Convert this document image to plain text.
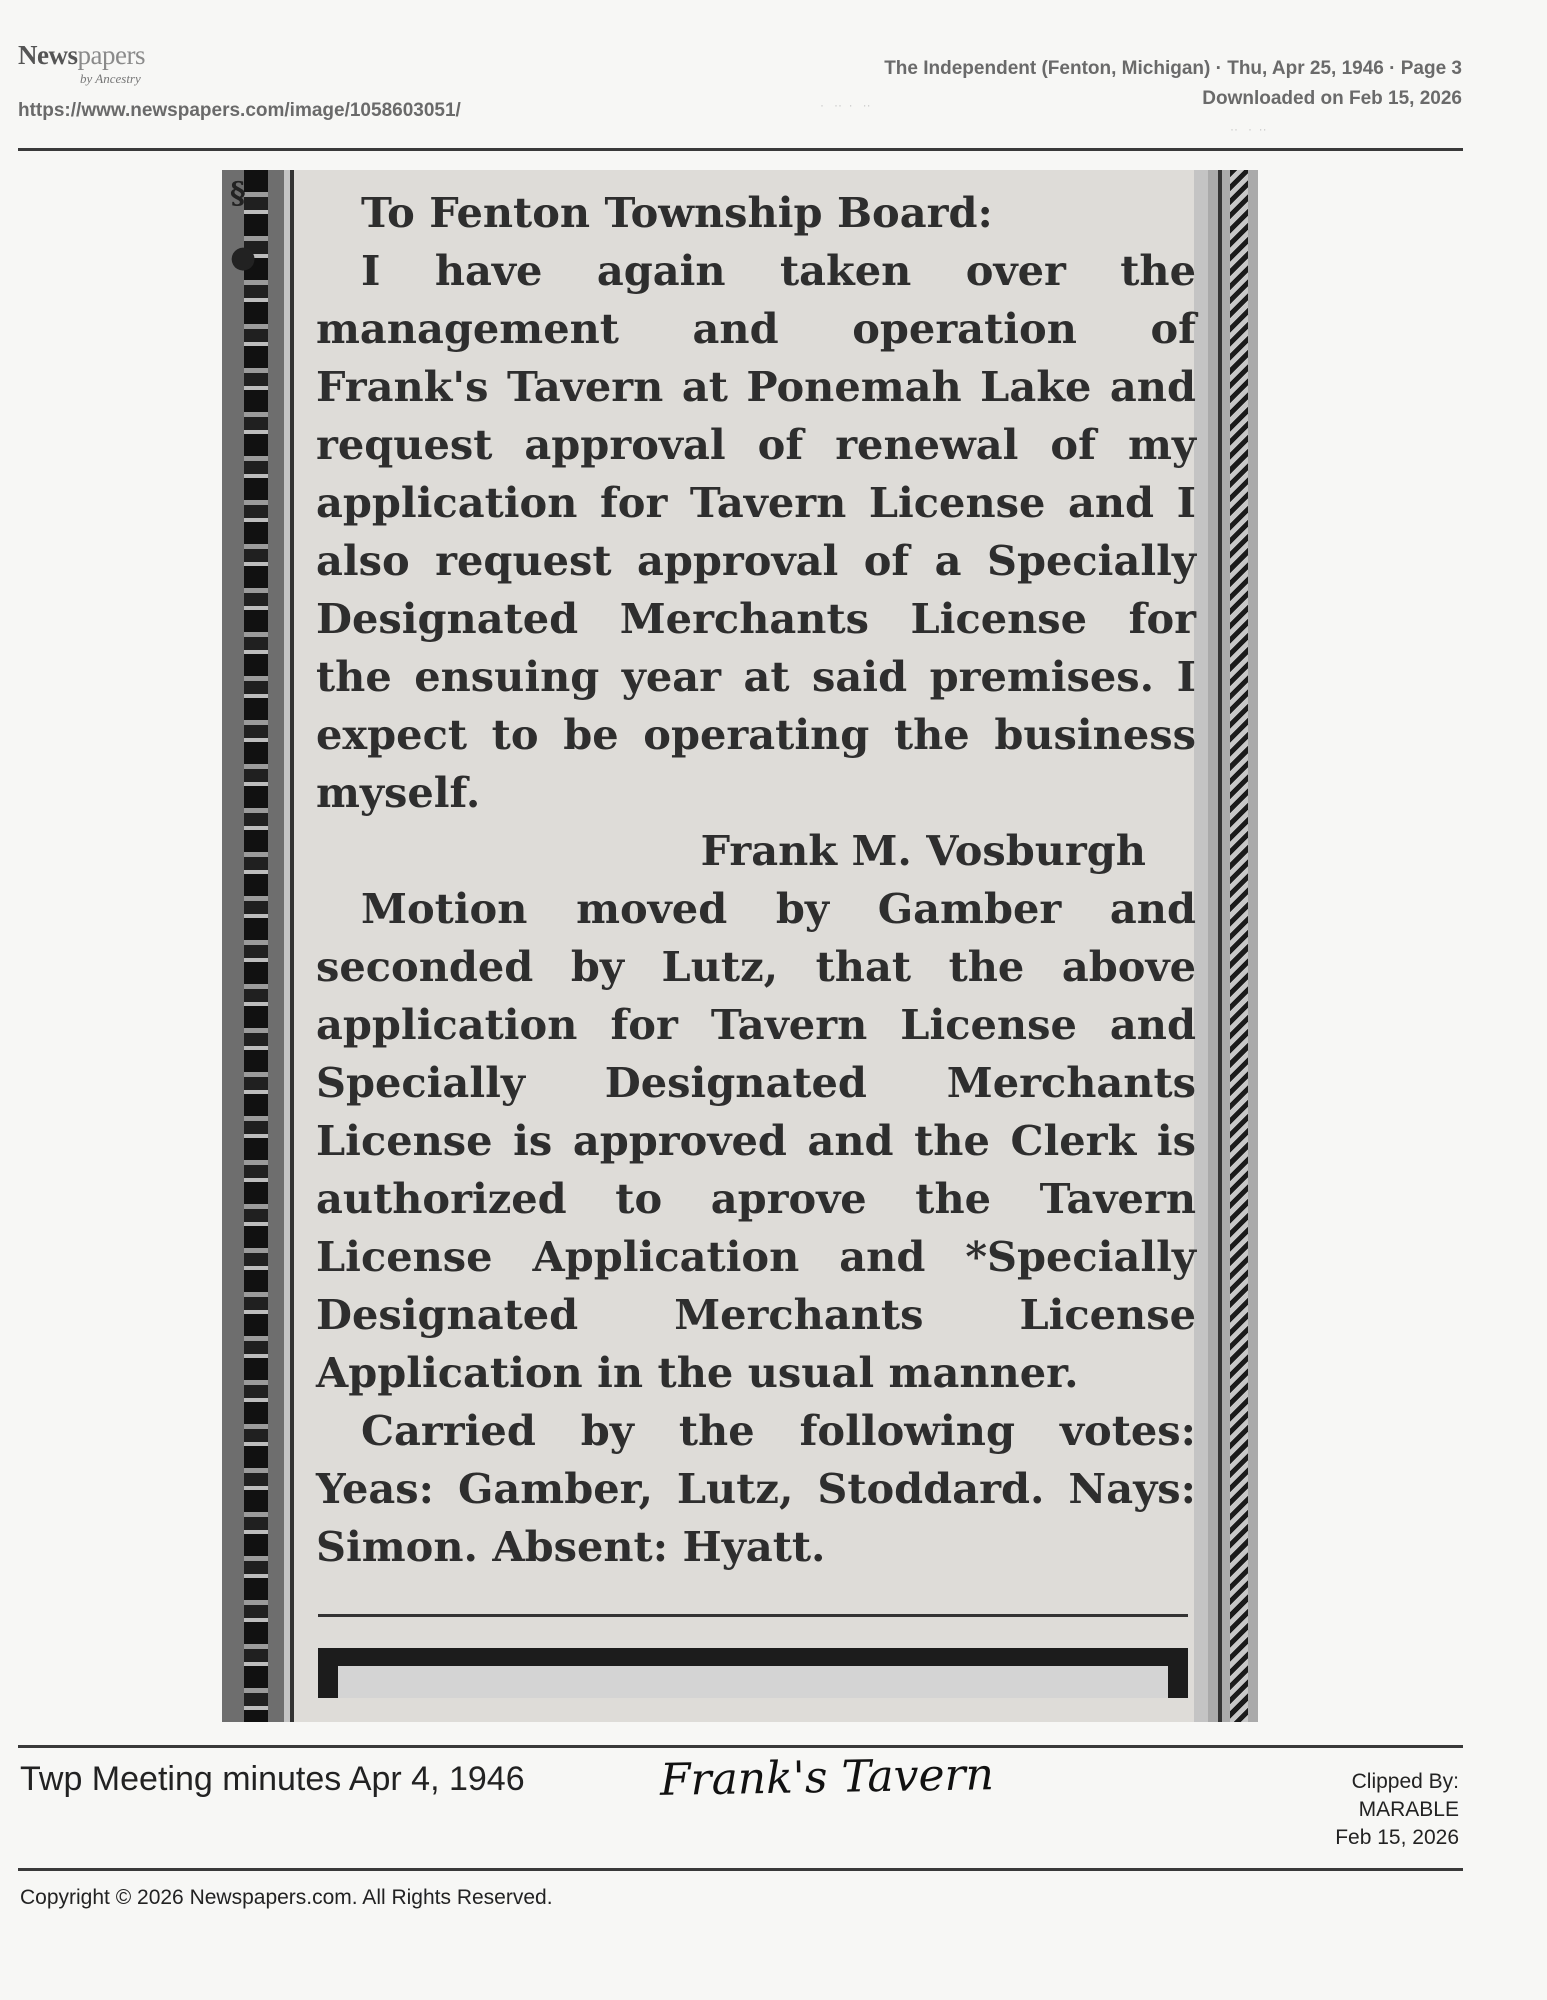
Newspapers
by Ancestry
https://www.newspapers.com/image/1058603051/
The Independent (Fenton, Michigan) · Thu, Apr 25, 1946 · Page 3
Downloaded on Feb 15, 2026
·   ··  ·   ··
··   ·  ··
§
●

To Fenton Township Board:

I have again taken over the management and operation of Frank's Tavern at Ponemah Lake and request approval of renewal of my application for Tavern License and I also request approval of a Specially Designated Merchants License for the ensuing year at said premises. I expect to be operating the business myself.

Frank M. Vosburgh

Motion moved by Gamber and seconded by Lutz, that the above application for Tavern License and Specially Designated Merchants License is approved and the Clerk is authorized to aprove the Tavern License Application and *Specially Designated Merchants License Application in the usual manner.

Carried by the following votes: Yeas: Gamber, Lutz, Stoddard. Nays: Simon. Absent: Hyatt.

Twp Meeting minutes Apr 4, 1946	Frank's Tavern	Clipped By:
MARABLE
Feb 15, 2026
Copyright © 2026 Newspapers.com. All Rights Reserved.
